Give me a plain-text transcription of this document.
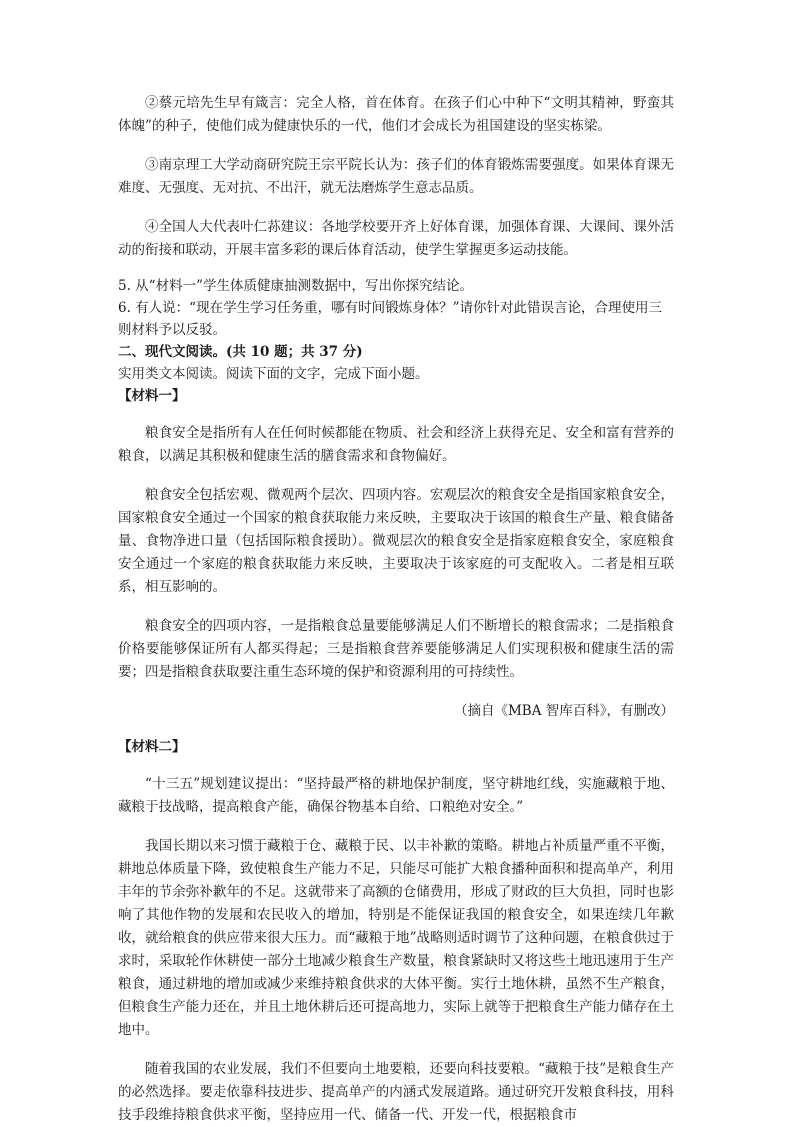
②蔡元培先生早有箴言：完全人格，首在体育。在孩子们心中种下“文明其精神，野蛮其体魄”的种子，使他们成为健康快乐的一代，他们才会成长为祖国建设的坚实栋梁。

③南京理工大学动商研究院王宗平院长认为：孩子们的体育锻炼需要强度。如果体育课无难度、无强度、无对抗、不出汗，就无法磨炼学生意志品质。

④全国人大代表叶仁荪建议：各地学校要开齐上好体育课，加强体育课、大课间、课外活动的衔接和联动，开展丰富多彩的课后体育活动，使学生掌握更多运动技能。

5. 从“材料一”学生体质健康抽测数据中，写出你探究结论。

6. 有人说：“现在学生学习任务重，哪有时间锻炼身体？”请你针对此错误言论，合理使用三则材料予以反驳。

二、现代文阅读。(共 10 题；共 37 分)

实用类文本阅读。阅读下面的文字，完成下面小题。

【材料一】

粮食安全是指所有人在任何时候都能在物质、社会和经济上获得充足、安全和富有营养的粮食，以满足其积极和健康生活的膳食需求和食物偏好。

粮食安全包括宏观、微观两个层次、四项内容。宏观层次的粮食安全是指国家粮食安全，国家粮食安全通过一个国家的粮食获取能力来反映，主要取决于该国的粮食生产量、粮食储备量、食物净进口量（包括国际粮食援助）。微观层次的粮食安全是指家庭粮食安全，家庭粮食安全通过一个家庭的粮食获取能力来反映，主要取决于该家庭的可支配收入。二者是相互联系，相互影响的。

粮食安全的四项内容，一是指粮食总量要能够满足人们不断增长的粮食需求；二是指粮食价格要能够保证所有人都买得起；三是指粮食营养要能够满足人们实现积极和健康生活的需要；四是指粮食获取要注重生态环境的保护和资源利用的可持续性。

（摘自《MBA 智库百科》，有删改）

【材料二】

“十三五”规划建议提出：“坚持最严格的耕地保护制度，坚守耕地红线，实施藏粮于地、藏粮于技战略，提高粮食产能，确保谷物基本自给、口粮绝对安全。”

我国长期以来习惯于藏粮于仓、藏粮于民、以丰补歉的策略。耕地占补质量严重不平衡，耕地总体质量下降，致使粮食生产能力不足，只能尽可能扩大粮食播种面积和提高单产，利用丰年的节余弥补歉年的不足。这就带来了高额的仓储费用，形成了财政的巨大负担，同时也影响了其他作物的发展和农民收入的增加，特别是不能保证我国的粮食安全，如果连续几年歉收，就给粮食的供应带来很大压力。而“藏粮于地”战略则适时调节了这种问题，在粮食供过于求时，采取轮作休耕使一部分土地减少粮食生产数量，粮食紧缺时又将这些土地迅速用于生产粮食，通过耕地的增加或减少来维持粮食供求的大体平衡。实行土地休耕，虽然不生产粮食，但粮食生产能力还在，并且土地休耕后还可提高地力，实际上就等于把粮食生产能力储存在土地中。

随着我国的农业发展，我们不但要向土地要粮，还要向科技要粮。“藏粮于技”是粮食生产的必然选择。要走依靠科技进步、提高单产的内涵式发展道路。通过研究开发粮食科技，用科技手段维持粮食供求平衡，坚持应用一代、储备一代、开发一代，根据粮食市
